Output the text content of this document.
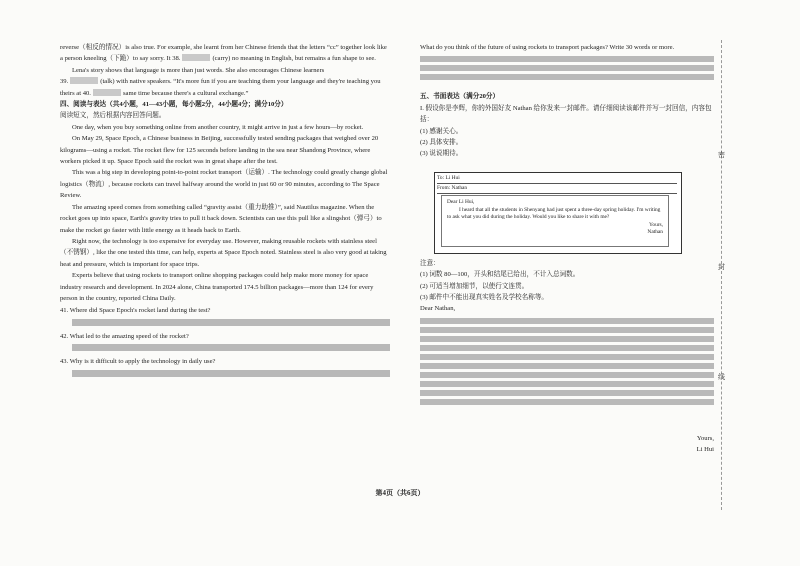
reverse（相反的情况）is also true. For example, she learnt from her Chinese friends that the letters “cc” together look like a person kneeling（下跪）to say sorry. It 38.	(carry) no meaning in English, but remains a fun shape to see.

Lena's story shows that language is more than just words. She also encourages Chinese learners

39.	(talk) with native speakers. “It's more fun if you are teaching them your language and they're teaching you theirs at 40.	same time because there's a cultural exchange.”

四、阅读与表达（共4小题，41—43小题，每小题2分，44小题4分；满分10分）

阅读短文，然后根据内容回答问题。

One day, when you buy something online from another country, it might arrive in just a few hours—by rocket.

On May 29, Space Epoch, a Chinese business in Beijing, successfully tested sending packages that weighed over 20 kilograms—using a rocket. The rocket flew for 125 seconds before landing in the sea near Shandong Province, where workers picked it up. Space Epoch said the rocket was in great shape after the test.

This was a big step in developing point-to-point rocket transport（运输）. The technology could greatly change global logistics（物流）, because rockets can travel halfway around the world in just 60 or 90 minutes, according to The Space Review.

The amazing speed comes from something called “gravity assist（重力助推）”, said Nautilus magazine. When the rocket goes up into space, Earth's gravity tries to pull it back down. Scientists can use this pull like a slingshot（弹弓）to make the rocket go faster with little energy as it heads back to Earth.

Right now, the technology is too expensive for everyday use. However, making reusable rockets with stainless steel（不锈钢）, like the one tested this time, can help, experts at Space Epoch noted. Stainless steel is also very good at taking heat and pressure, which is important for space trips.

Experts believe that using rockets to transport online shopping packages could help make more money for space industry research and development. In 2024 alone, China transported 174.5 billion packages—more than 124 for every person in the country, reported China Daily.

41. Where did Space Epoch's rocket land during the test?

42. What led to the amazing speed of the rocket?

43. Why is it difficult to apply the technology in daily use?

What do you think of the future of using rockets to transport packages? Write 30 words or more.

五、书面表达（满分20分）

I. 假设你是李辉，你的外国好友 Nathan 给你发来一封邮件。请仔细阅读该邮件并写一封回信，内容包括：

(1) 感谢关心。

(2) 具体安排。

(3) 说说期待。

注意：

(1) 词数 80—100，开头和结尾已给出，不计入总词数。

(2) 可适当增加细节，以使行文连贯。

(3) 邮件中不能出现真实姓名及学校名称等。

Dear Nathan,

To: Li Hui
From: Nathan

Dear Li Hui,

I heard that all the students in Shenyang had just spent a three-day spring holiday. I'm writing to ask what you did during the holiday. Would you like to share it with me?

Yours,

Nathan

Yours,

Li Hui

密
封
线
第4页（共6页）
